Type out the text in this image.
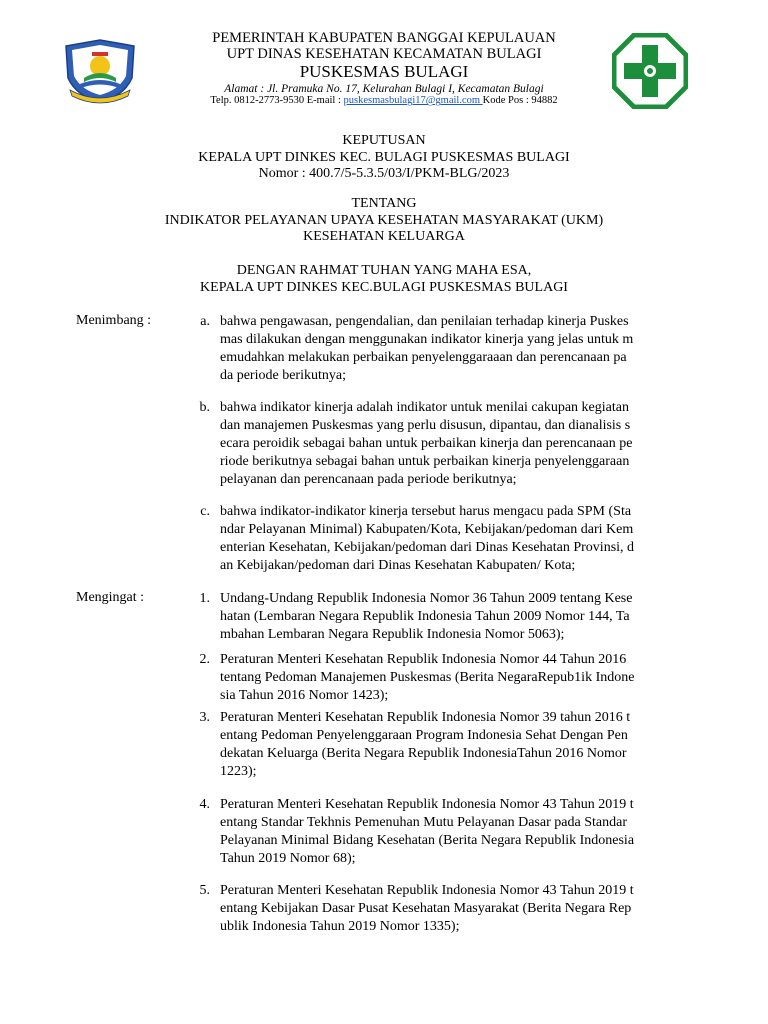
PEMERINTAH KABUPATEN BANGGAI KEPULAUAN
UPT DINAS KESEHATAN KECAMATAN BULAGI
PUSKESMAS BULAGI
Alamat : Jl. Pramuka No. 17, Kelurahan Bulagi I, Kecamatan Bulagi
Telp. 0812-2773-9530 E-mail : puskesmasbulagi17@gmail.com Kode Pos : 94882
KEPUTUSAN
KEPALA UPT DINKES KEC. BULAGI PUSKESMAS BULAGI
Nomor : 400.7/5-5.3.5/03/I/PKM-BLG/2023
TENTANG
INDIKATOR PELAYANAN UPAYA KESEHATAN MASYARAKAT (UKM)
KESEHATAN KELUARGA
DENGAN RAHMAT TUHAN YANG MAHA ESA,
KEPALA UPT DINKES KEC.BULAGI PUSKESMAS BULAGI
Menimbang :	a. bahwa pengawasan, pengendalian, dan penilaian terhadap kinerja Puskes
mas dilakukan dengan menggunakan indikator kinerja yang jelas untuk m
emudahkan melakukan perbaikan penyelenggaraaan dan perencanaan pa
da periode berikutnya;
b. bahwa indikator kinerja adalah indikator untuk menilai cakupan kegiatan
dan manajemen Puskesmas yang perlu disusun, dipantau, dan dianalisis s
ecara peroidik sebagai bahan untuk perbaikan kinerja dan perencanaan pe
riode berikutnya sebagai bahan untuk perbaikan kinerja penyelenggaraan
pelayanan dan perencanaan pada periode berikutnya;
c. bahwa indikator-indikator kinerja tersebut harus mengacu pada SPM (Sta
ndar Pelayanan Minimal) Kabupaten/Kota, Kebijakan/pedoman dari Kem
enterian Kesehatan, Kebijakan/pedoman dari Dinas Kesehatan Provinsi, d
an Kebijakan/pedoman dari Dinas Kesehatan Kabupaten/ Kota;
Mengingat :	1. Undang-Undang Republik Indonesia Nomor 36 Tahun 2009 tentang Kese
hatan (Lembaran Negara Republik Indonesia Tahun 2009 Nomor 144, Ta
mbahan Lembaran Negara Republik Indonesia Nomor 5063);
2. Peraturan Menteri Kesehatan Republik Indonesia Nomor 44 Tahun 2016
tentang Pedoman Manajemen Puskesmas (Berita NegaraRepub1ik Indone
sia Tahun 2016 Nomor 1423);
3. Peraturan Menteri Kesehatan Republik Indonesia Nomor 39 tahun 2016 t
entang Pedoman Penyelenggaraan Program Indonesia Sehat Dengan Pen
dekatan Keluarga (Berita Negara Republik IndonesiaTahun 2016 Nomor
1223);
4. Peraturan Menteri Kesehatan Republik Indonesia Nomor 43 Tahun 2019 t
entang Standar Tekhnis Pemenuhan Mutu Pelayanan Dasar pada Standar
Pelayanan Minimal Bidang Kesehatan (Berita Negara Republik Indonesia
Tahun 2019 Nomor 68);
5. Peraturan Menteri Kesehatan Republik Indonesia Nomor 43 Tahun 2019 t
entang Kebijakan Dasar Pusat Kesehatan Masyarakat (Berita Negara Rep
ublik Indonesia Tahun 2019 Nomor 1335);
